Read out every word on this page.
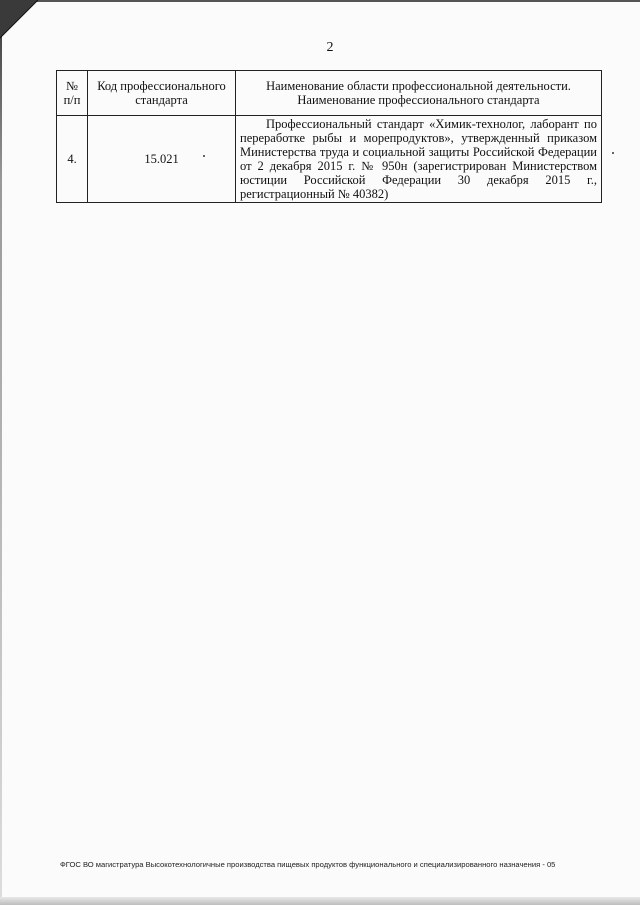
2
№ п/п	Код профессионального стандарта	Наименование области профессиональной деятельности. Наименование профессионального стандарта
4.	15.021	Профессиональный стандарт «Химик-технолог, лаборант по переработке рыбы и морепродуктов», утвержденный приказом Министерства труда и социальной защиты Российской Федерации от 2 декабря 2015 г. № 950н (зарегистрирован Министерством юстиции Российской Федерации 30 декабря 2015 г., регистрационный № 40382)
ФГОС ВО магистратура Высокотехнологичные производства пищевых продуктов функционального и специализированного назначения - 05
